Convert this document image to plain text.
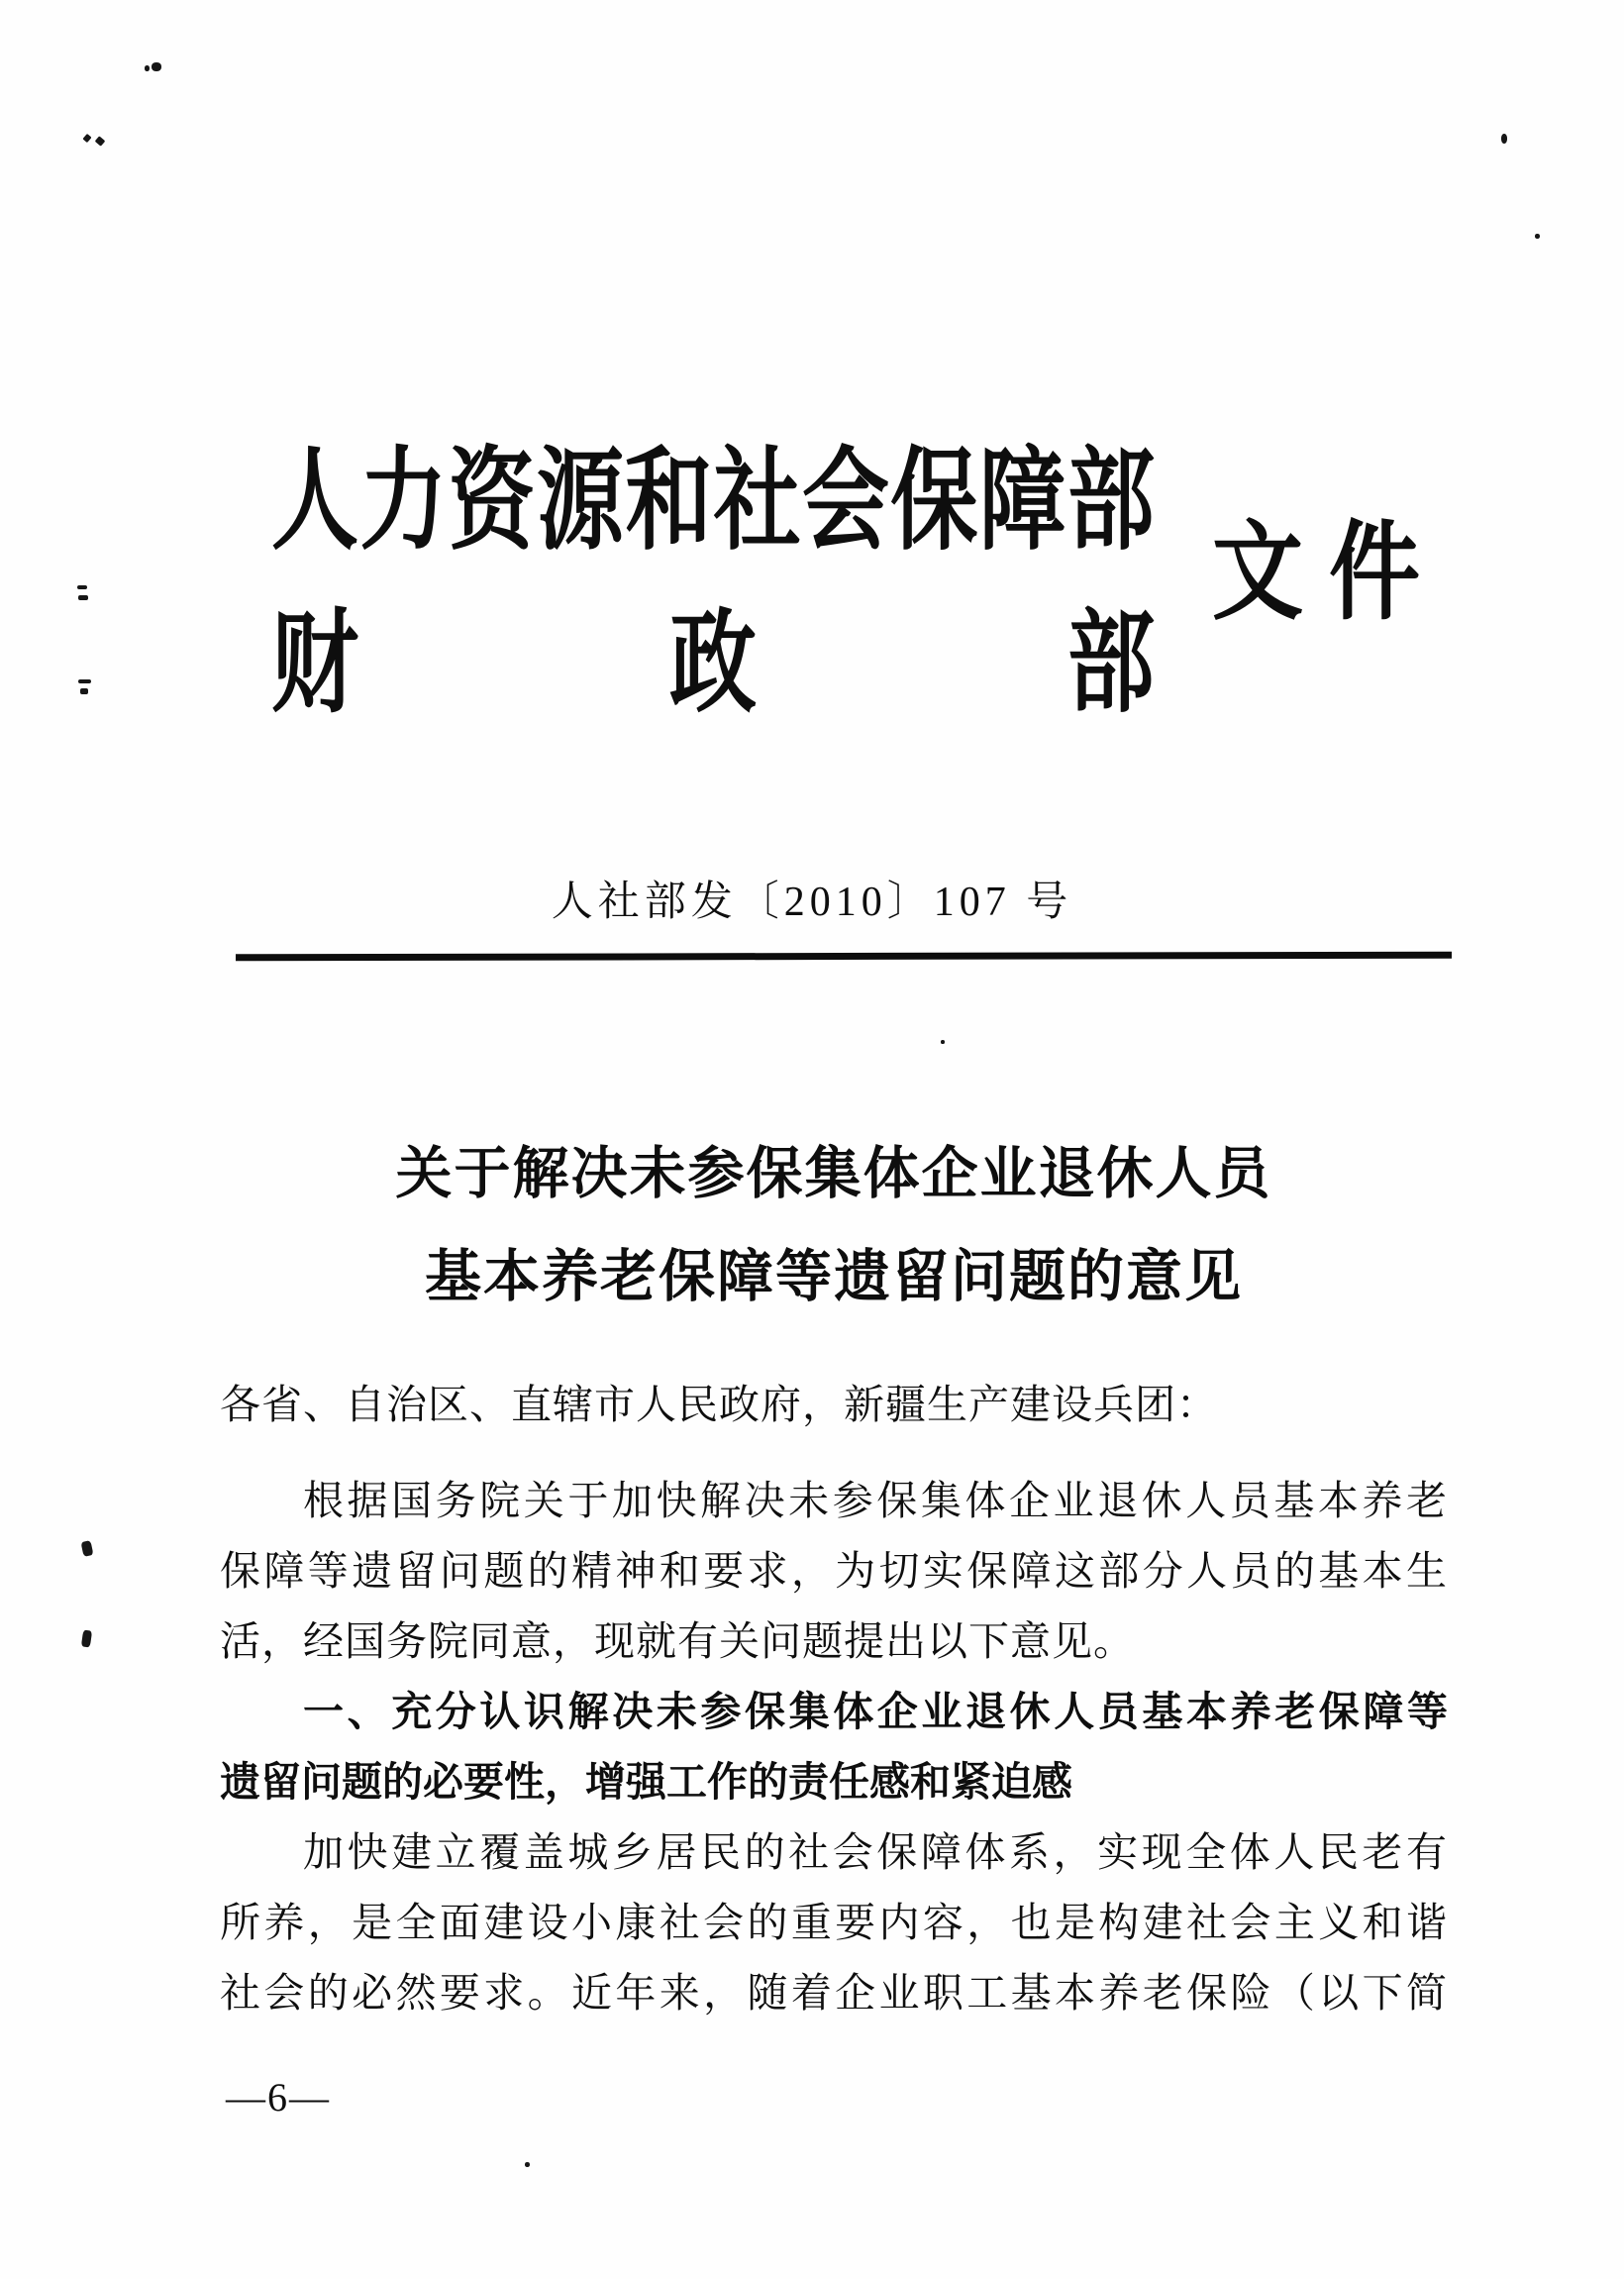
人力资源和社会保障部
财政部
文件
人社部发〔2010〕107 号
关于解决未参保集体企业退休人员
基本养老保障等遗留问题的意见
各省、自治区、直辖市人民政府，新疆生产建设兵团：
根据国务院关于加快解决未参保集体企业退休人员基本养老
保障等遗留问题的精神和要求，为切实保障这部分人员的基本生
活，经国务院同意，现就有关问题提出以下意见。
一、充分认识解决未参保集体企业退休人员基本养老保障等
遗留问题的必要性，增强工作的责任感和紧迫感
加快建立覆盖城乡居民的社会保障体系，实现全体人民老有
所养，是全面建设小康社会的重要内容，也是构建社会主义和谐
社会的必然要求。近年来，随着企业职工基本养老保险（以下简
—6—
